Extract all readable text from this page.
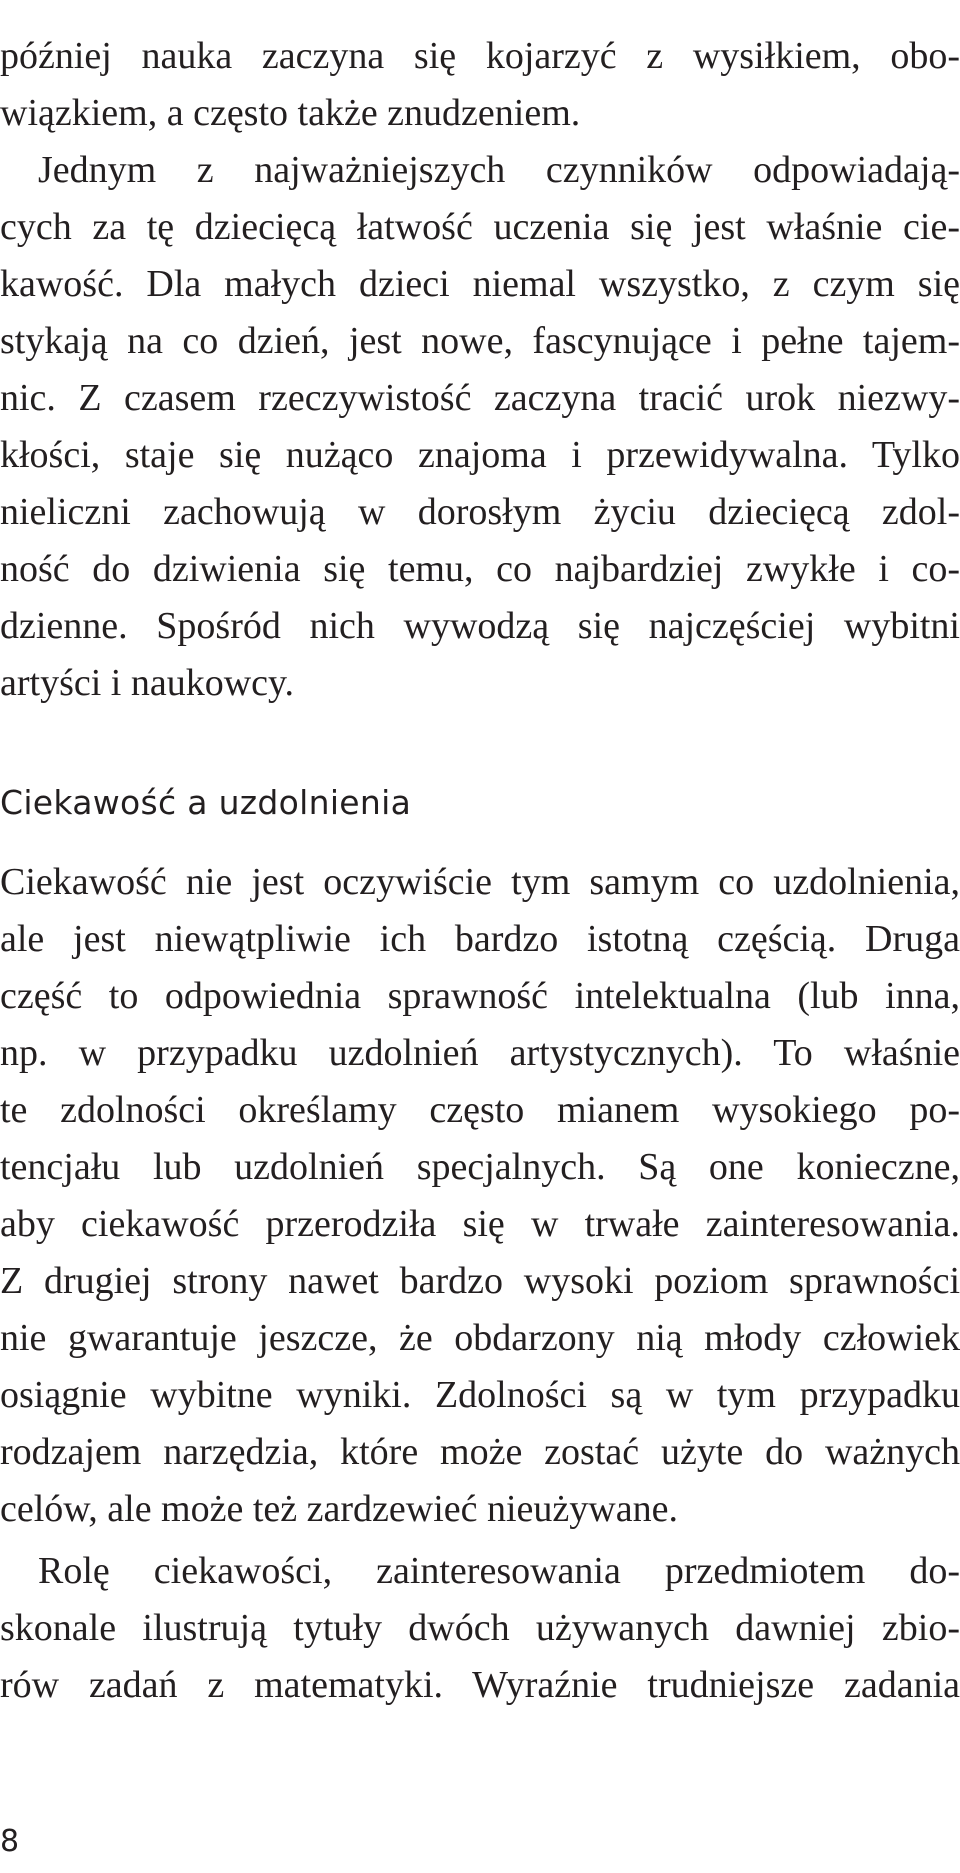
później nauka zaczyna się kojarzyć z wysiłkiem, obo-
wiązkiem, a często także znudzeniem.
Jednym z najważniejszych czynników odpowiadają-
cych za tę dziecięcą łatwość uczenia się jest właśnie cie-
kawość. Dla małych dzieci niemal wszystko, z czym się
stykają na co dzień, jest nowe, fascynujące i pełne tajem-
nic. Z czasem rzeczywistość zaczyna tracić urok niezwy-
kłości, staje się nużąco znajoma i przewidywalna. Tylko
nieliczni zachowują w dorosłym życiu dziecięcą zdol-
ność do dziwienia się temu, co najbardziej zwykłe i co-
dzienne. Spośród nich wywodzą się najczęściej wybitni
artyści i naukowcy.
Ciekawość a uzdolnienia
Ciekawość nie jest oczywiście tym samym co uzdolnienia,
ale jest niewątpliwie ich bardzo istotną częścią. Druga
część to odpowiednia sprawność intelektualna (lub inna,
np. w przypadku uzdolnień artystycznych). To właśnie
te zdolności określamy często mianem wysokiego po-
tencjału lub uzdolnień specjalnych. Są one konieczne,
aby ciekawość przerodziła się w trwałe zainteresowania.
Z drugiej strony nawet bardzo wysoki poziom sprawności
nie gwarantuje jeszcze, że obdarzony nią młody człowiek
osiągnie wybitne wyniki. Zdolności są w tym przypadku
rodzajem narzędzia, które może zostać użyte do ważnych
celów, ale może też zardzewieć nieużywane.
Rolę ciekawości, zainteresowania przedmiotem do-
skonale ilustrują tytuły dwóch używanych dawniej zbio-
rów zadań z matematyki. Wyraźnie trudniejsze zadania
8
